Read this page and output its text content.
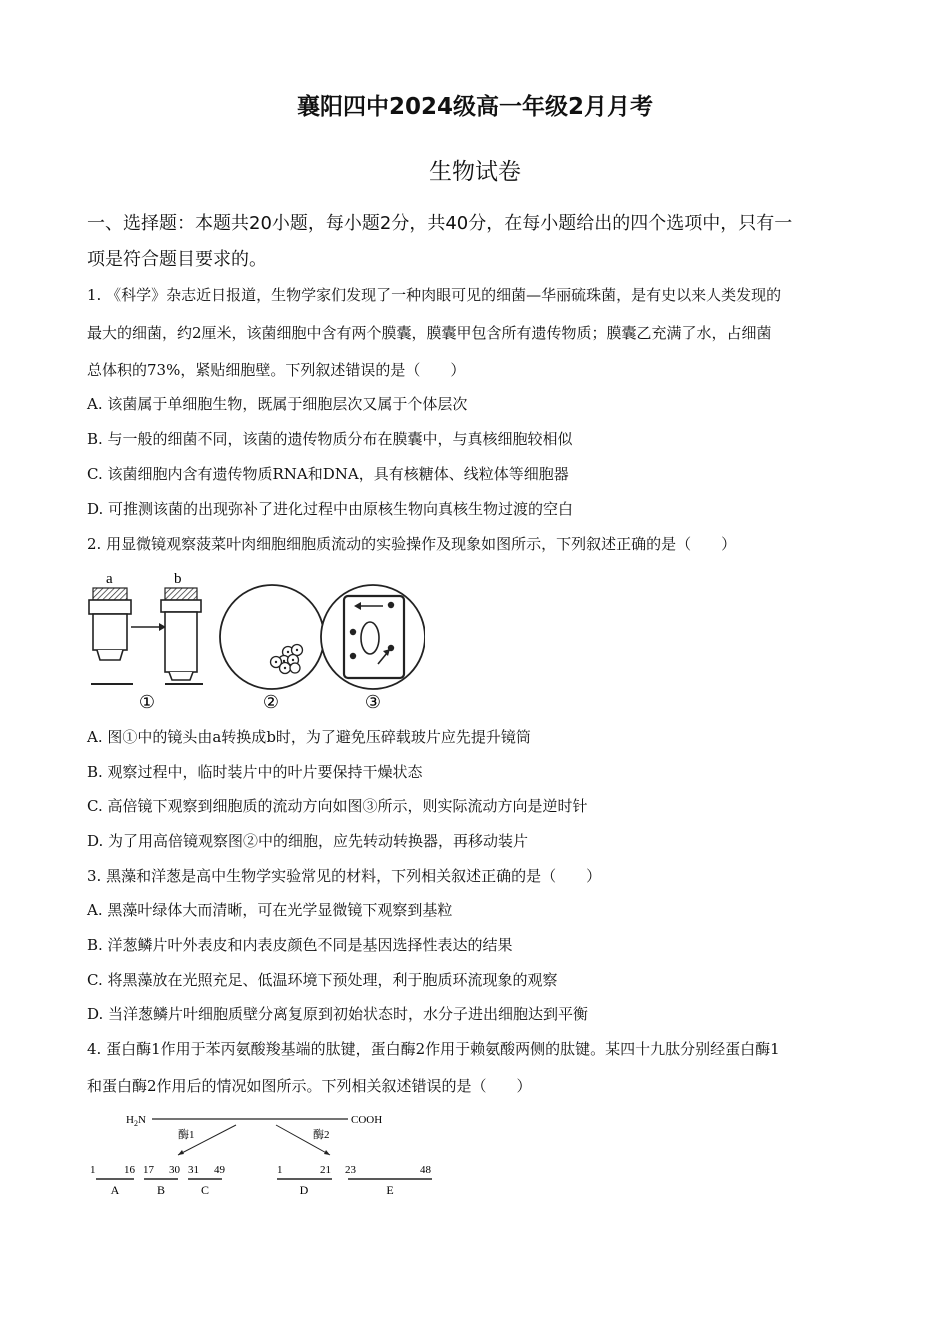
襄阳四中2024级高一年级2月月考
生物试卷
一、选择题：本题共20小题，每小题2分，共40分，在每小题给出的四个选项中，只有一
项是符合题目要求的。
1. 《科学》杂志近日报道，生物学家们发现了一种肉眼可见的细菌—华丽硫珠菌，是有史以来人类发现的
最大的细菌，约2厘米，该菌细胞中含有两个膜囊，膜囊甲包含所有遗传物质；膜囊乙充满了水，占细菌
总体积的73%，紧贴细胞壁。下列叙述错误的是（　　）
A. 该菌属于单细胞生物，既属于细胞层次又属于个体层次
B. 与一般的细菌不同，该菌的遗传物质分布在膜囊中，与真核细胞较相似
C. 该菌细胞内含有遗传物质RNA和DNA，具有核糖体、线粒体等细胞器
D. 可推测该菌的出现弥补了进化过程中由原核生物向真核生物过渡的空白
2. 用显微镜观察菠菜叶肉细胞细胞质流动的实验操作及现象如图所示，下列叙述正确的是（　　）
a	b
①	②	③
A. 图①中的镜头由a转换成b时，为了避免压碎载玻片应先提升镜筒
B. 观察过程中，临时装片中的叶片要保持干燥状态
C. 高倍镜下观察到细胞质的流动方向如图③所示，则实际流动方向是逆时针
D. 为了用高倍镜观察图②中的细胞，应先转动转换器，再移动装片
3. 黑藻和洋葱是高中生物学实验常见的材料，下列相关叙述正确的是（　　）
A. 黑藻叶绿体大而清晰，可在光学显微镜下观察到基粒
B. 洋葱鳞片叶外表皮和内表皮颜色不同是基因选择性表达的结果
C. 将黑藻放在光照充足、低温环境下预处理，利于胞质环流现象的观察
D. 当洋葱鳞片叶细胞质壁分离复原到初始状态时，水分子进出细胞达到平衡
4. 蛋白酶1作用于苯丙氨酸羧基端的肽键，蛋白酶2作用于赖氨酸两侧的肽键。某四十九肽分别经蛋白酶1
和蛋白酶2作用后的情况如图所示。下列相关叙述错误的是（　　）
$H_2N$	COOH
酶1	酶2
1	16 17 30 31 49	1	21 23	48
A	B	C	D	E
